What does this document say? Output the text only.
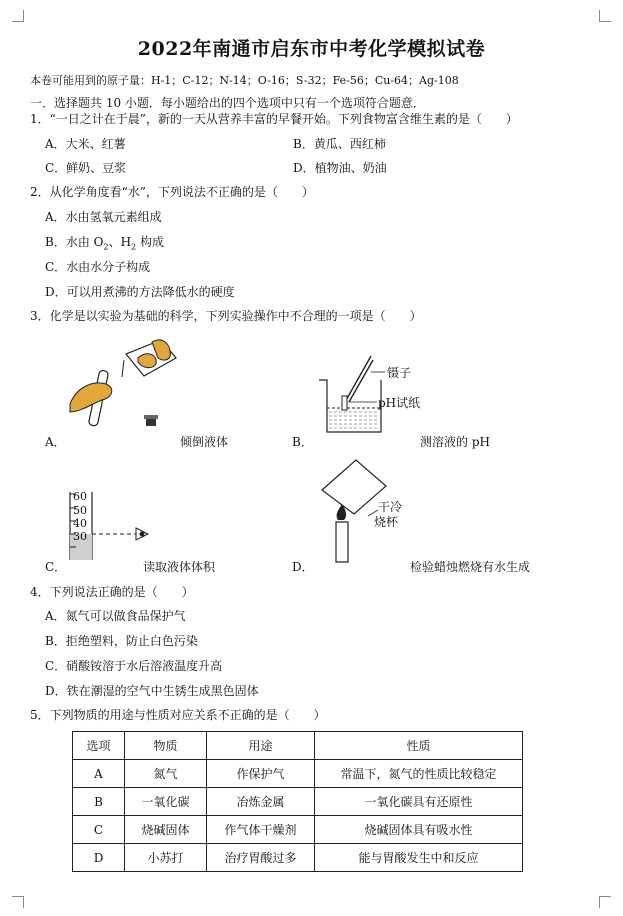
2022年南通市启东市中考化学模拟试卷
本卷可能用到的原子量：H-1；C-12；N-14；O-16；S-32；Fe-56；Cu-64；Ag-108
一．选择题共 10 小题．每小题给出的四个选项中只有一个选项符合题意．
1．“一日之计在于晨”，新的一天从营养丰富的早餐开始。下列食物富含维生素的是（　　）
A．大米、红薯	B．黄瓜、西红柿
C．鲜奶、豆浆	D．植物油、奶油
2．从化学角度看“水”，下列说法不正确的是（　　）
A．水由氢氧元素组成
B．水由 $O_2$、$H_2$ 构成
C．水由水分子构成
D．可以用煮沸的方法降低水的硬度
3．化学是以实验为基础的科学，下列实验操作中不合理的一项是（　　）
A．	倾倒液体
镊子
pH试纸
B．	测溶液的 pH
60
50
40
30
C．	读取液体体积
干冷
烧杯
D．	检验蜡烛燃烧有水生成
4．下列说法正确的是（　　）
A．氮气可以做食品保护气
B．拒绝塑料，防止白色污染
C．硝酸铵溶于水后溶液温度升高
D．铁在潮湿的空气中生锈生成黑色固体
5．下列物质的用途与性质对应关系不正确的是（　　）
选项	物质	用途	性质
A	氮气	作保护气	常温下，氮气的性质比较稳定
B	一氧化碳	冶炼金属	一氧化碳具有还原性
C	烧碱固体	作气体干燥剂	烧碱固体具有吸水性
D	小苏打	治疗胃酸过多	能与胃酸发生中和反应
